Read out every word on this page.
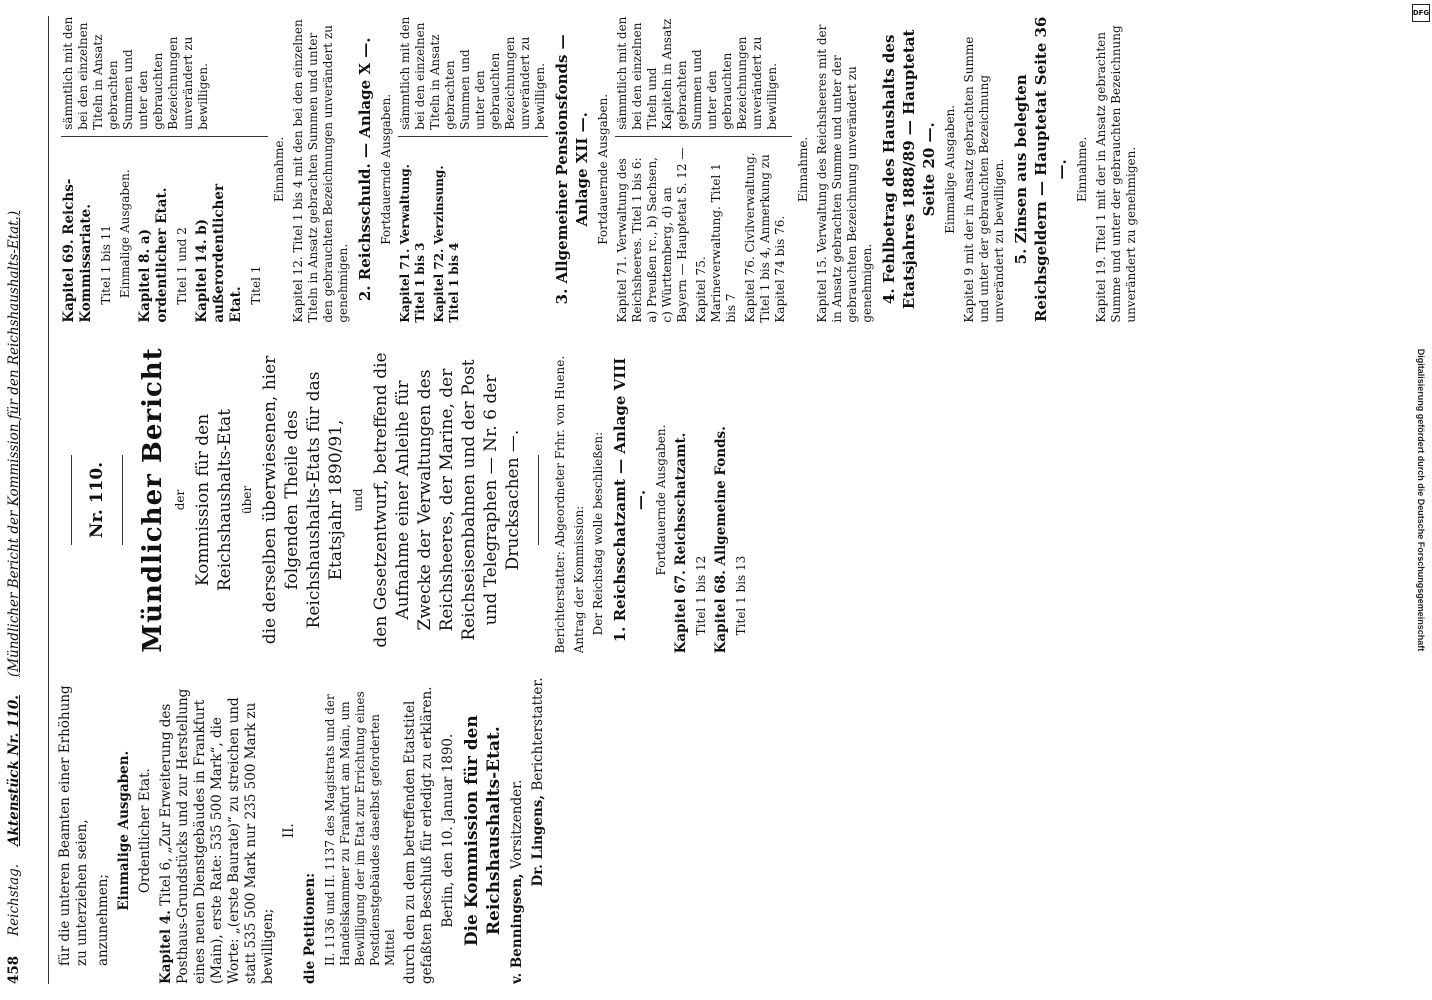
DFG
Digitalisierung gefördert durch die Deutsche Forschungsgemeinschaft
458
Reichstag.
Aktenstück Nr. 110.
(Mündlicher Bericht der Kommission für den Reichshaushalts-Etat.)

für die unteren Beamten einer Erhöhung zu unterziehen seien, anzunehmen;

Einmalige Ausgaben. Ordentlicher Etat.

Kapitel 4. Titel 6, „Zur Erweiterung des Posthaus-Grundstücks und zur Herstellung eines neuen Dienstgebäudes in Frankfurt (Main), erste Rate: 535 500 Mark“, die Worte: „(erste Baurate)“ zu streichen und statt 535 500 Mark nur 235 500 Mark zu bewilligen;

II.

die Petitionen: II. 1136 und II. 1137 des Magistrats und der Handelskammer zu Frankfurt am Main, um Bewilligung der im Etat zur Errichtung eines Postdienstgebäudes daselbst geforderten Mittel durch den zu dem betreffenden Etatstitel gefaßten Beschluß für erledigt zu erklären. Berlin, den 10. Januar 1890. Die Kommission für den Reichshaushalts-Etat. v. Benningsen, Vorsitzender. Dr. Lingens, Berichterstatter.

Nr. 110. Mündlicher Bericht der Kommission für den Reichshaushalts-Etat über die derselben überwiesenen, hier folgenden Theile des Reichshaushalts-Etats für das Etatsjahr 1890/91, und den Gesetzentwurf, betreffend die Aufnahme einer Anleihe für Zwecke der Verwaltungen des Reichsheeres, der Marine, der Reichseisenbahnen und der Post und Telegraphen — Nr. 6 der Drucksachen —.	Berichterstatter: Abgeordneter Frhr. von Huene. Antrag der Kommission: Der Reichstag wolle beschließen: 1. Reichsschatzamt — Anlage VIII —. Fortdauernde Ausgaben. Kapitel 67. Reichsschatzamt. Titel 1 bis 12 Kapitel 68. Allgemeine Fonds. Titel 1 bis 13

Kapitel 69. Reichs-Kommissariate. Titel 1 bis 11 Einmalige Ausgaben. Kapitel 8. a) ordentlicher Etat. Titel 1 und 2 Kapitel 14. b) außerordentlicher Etat. Titel 1

sämmtlich mit den bei den einzelnen Titeln in Ansatz gebrachten Summen und unter den gebrauchten Bezeichnungen unverändert zu bewilligen.

Einnahme. Kapitel 12. Titel 1 bis 4 mit den bei den einzelnen Titeln in Ansatz gebrachten Summen und unter den gebrauchten Bezeichnungen unverändert zu genehmigen. 2. Reichsschuld. — Anlage X —. Fortdauernde Ausgaben. Kapitel 71. Verwaltung. Titel 1 bis 3 Kapitel 72. Verzinsung. Titel 1 bis 4

sämmtlich mit den bei den einzelnen Titeln in Ansatz gebrachten Summen und unter den gebrauchten Bezeichnungen unverändert zu bewilligen. 3. Allgemeiner Pensionsfonds — Anlage XII —. Fortdauernde Ausgaben. Kapitel 71. Verwaltung des Reichsheeres. Titel 1 bis 6: a) Preußen rc., b) Sachsen, c) Württemberg, d) an Bayern — Hauptetat S. 12 — Kapitel 75. Marineverwaltung. Titel 1 bis 7 Kapitel 76. Civilverwaltung. Titel 1 bis 4, Anmerkung zu Kapitel 74 bis 76.

sämmtlich mit den bei den einzelnen Titeln und Kapiteln in Ansatz gebrachten Summen und unter den gebrauchten Bezeichnungen unverändert zu bewilligen.

Einnahme. Kapitel 15. Verwaltung des Reichsheeres mit der in Ansatz gebrachten Summe und unter der gebrauchten Bezeichnung unverändert zu genehmigen. 4. Fehlbetrag des Haushalts des Etatsjahres 1888/89 — Hauptetat Seite 20 —. Einmalige Ausgaben. Kapitel 9 mit der in Ansatz gebrachten Summe und unter der gebrauchten Bezeichnung unverändert zu bewilligen. 5. Zinsen aus belegten Reichsgeldern — Hauptetat Seite 36 —. Einnahme. Kapitel 19. Titel 1 mit der in Ansatz gebrachten Summe und unter der gebrauchten Bezeichnung unverändert zu genehmigen.
